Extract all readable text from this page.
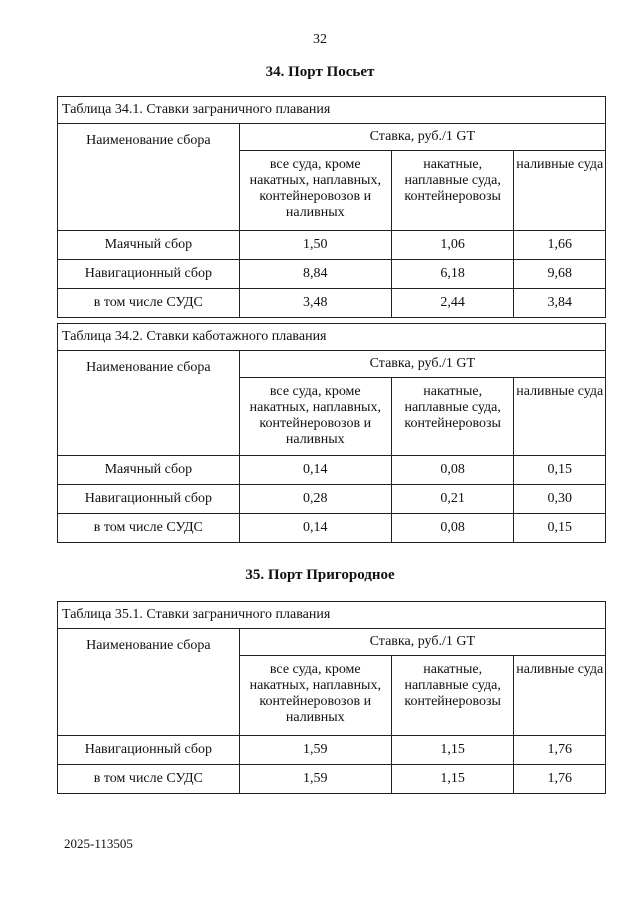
32
34. Порт Посьет
Таблица 34.1. Ставки заграничного плавания			
Наименование сбора	Ставка, руб./1 GT		
	все суда, кроме накатных, наплавных, контейнеровозов и наливных	накатные, наплавные суда, контейнеровозы	наливные суда
Маячный сбор	1,50	1,06	1,66
Навигационный сбор	8,84	6,18	9,68
в том числе СУДС	3,48	2,44	3,84
Таблица 34.2. Ставки каботажного плавания			
Наименование сбора	Ставка, руб./1 GT		
	все суда, кроме накатных, наплавных, контейнеровозов и наливных	накатные, наплавные суда, контейнеровозы	наливные суда
Маячный сбор	0,14	0,08	0,15
Навигационный сбор	0,28	0,21	0,30
в том числе СУДС	0,14	0,08	0,15
35. Порт Пригородное
Таблица 35.1. Ставки заграничного плавания			
Наименование сбора	Ставка, руб./1 GT		
	все суда, кроме накатных, наплавных, контейнеровозов и наливных	накатные, наплавные суда, контейнеровозы	наливные суда
Навигационный сбор	1,59	1,15	1,76
в том числе СУДС	1,59	1,15	1,76
2025-113505
